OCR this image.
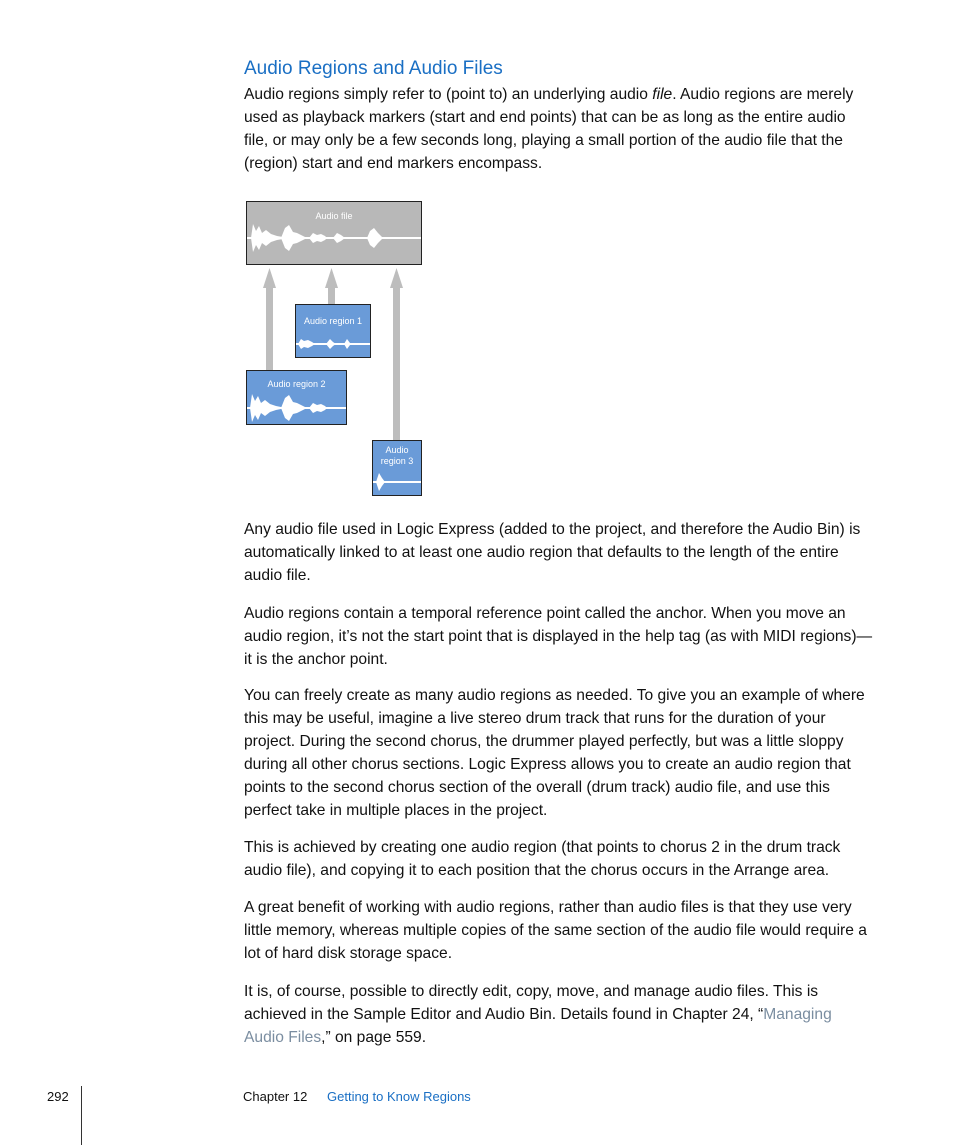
Audio Regions and Audio Files

Audio regions simply refer to (point to) an underlying audio file. Audio regions are merely used as playback markers (start and end points) that can be as long as the entire audio file, or may only be a few seconds long, playing a small portion of the audio file that the (region) start and end markers encompass.

Audio file
Audio region 1
Audio region 2
Audio
region 3

Any audio file used in Logic Express (added to the project, and therefore the Audio Bin) is automatically linked to at least one audio region that defaults to the length of the entire audio file.

Audio regions contain a temporal reference point called the anchor. When you move an audio region, it’s not the start point that is displayed in the help tag (as with MIDI regions)—it is the anchor point.

You can freely create as many audio regions as needed. To give you an example of where this may be useful, imagine a live stereo drum track that runs for the duration of your project. During the second chorus, the drummer played perfectly, but was a little sloppy during all other chorus sections. Logic Express allows you to create an audio region that points to the second chorus section of the overall (drum track) audio file, and use this perfect take in multiple places in the project.

This is achieved by creating one audio region (that points to chorus 2 in the drum track audio file), and copying it to each position that the chorus occurs in the Arrange area.

A great benefit of working with audio regions, rather than audio files is that they use very little memory, whereas multiple copies of the same section of the audio file would require a lot of hard disk storage space.

It is, of course, possible to directly edit, copy, move, and manage audio files. This is achieved in the Sample Editor and Audio Bin. Details found in Chapter 24, “Managing Audio Files,” on page 559.

292	Chapter 12 Getting to Know Regions
